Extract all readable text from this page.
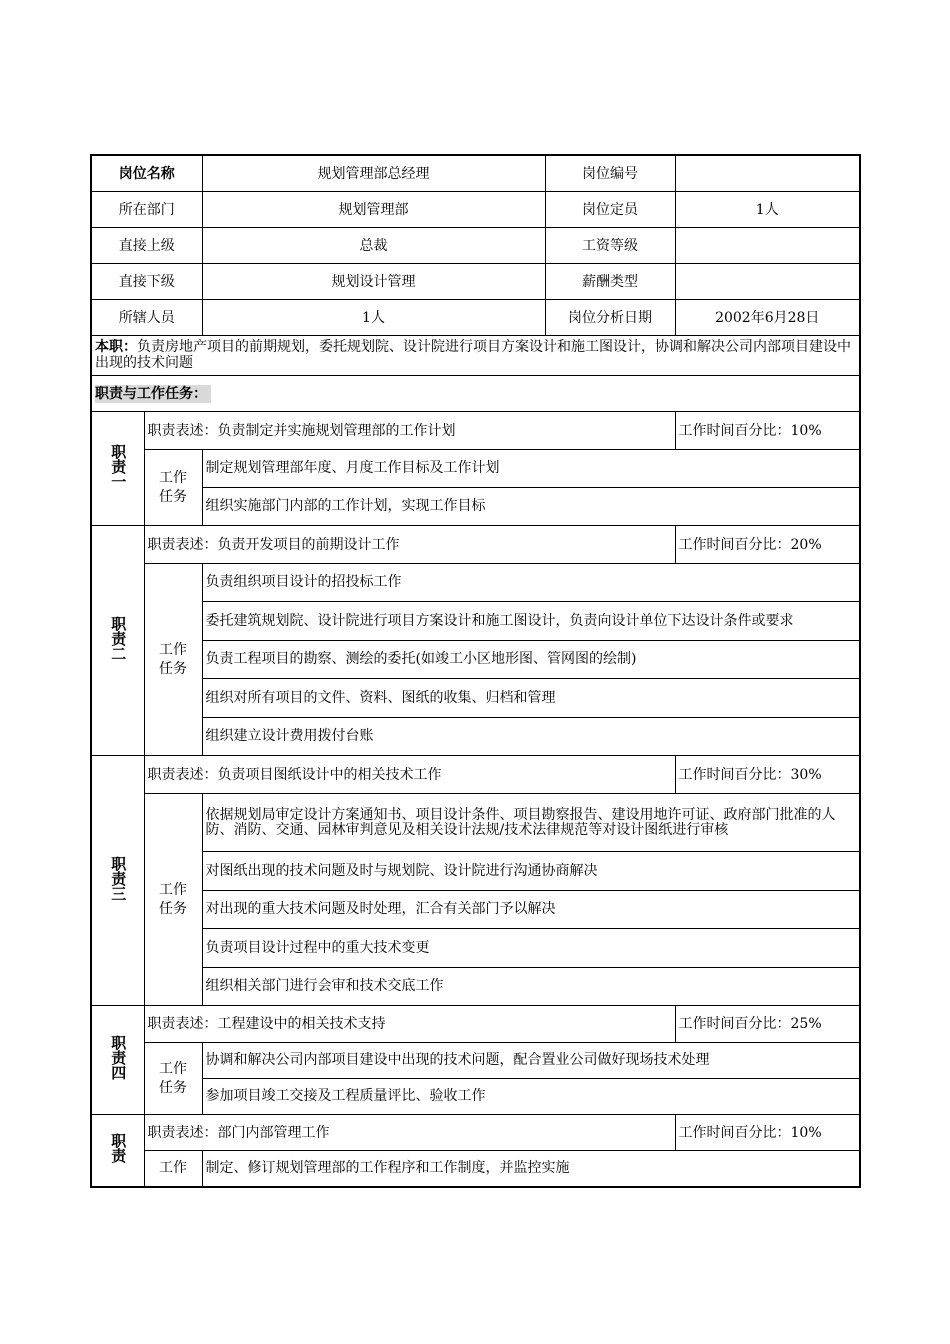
岗位名称		规划管理部总经理	岗位编号	
所在部门		规划管理部	岗位定员	1人
直接上级		总裁	工资等级	
直接下级		规划设计管理	薪酬类型	
所辖人员		1人	岗位分析日期	2002年6月28日
本职：负责房地产项目的前期规划，委托规划院、设计院进行项目方案设计和施工图设计，协调和解决公司内部项目建设中出现的技术问题				
职责与工作任务：				
职责一	职责表述：负责制定并实施规划管理部的工作计划			工作时间百分比：10%
	工作任务	制定规划管理部年度、月度工作目标及工作计划		
		组织实施部门内部的工作计划，实现工作目标		
职责二	职责表述：负责开发项目的前期设计工作			工作时间百分比：20%
	工作任务	负责组织项目设计的招投标工作		
		委托建筑规划院、设计院进行项目方案设计和施工图设计，负责向设计单位下达设计条件或要求		
		负责工程项目的勘察、测绘的委托(如竣工小区地形图、管网图的绘制)		
		组织对所有项目的文件、资料、图纸的收集、归档和管理		
		组织建立设计费用拨付台账		
职责三	职责表述：负责项目图纸设计中的相关技术工作			工作时间百分比：30%
	工作任务	依据规划局审定设计方案通知书、项目设计条件、项目勘察报告、建设用地许可证、政府部门批准的人防、消防、交通、园林审判意见及相关设计法规/技术法律规范等对设计图纸进行审核		
		对图纸出现的技术问题及时与规划院、设计院进行沟通协商解决		
		对出现的重大技术问题及时处理，汇合有关部门予以解决		
		负责项目设计过程中的重大技术变更		
		组织相关部门进行会审和技术交底工作		
职责四	职责表述：工程建设中的相关技术支持			工作时间百分比：25%
	工作任务	协调和解决公司内部项目建设中出现的技术问题，配合置业公司做好现场技术处理		
		参加项目竣工交接及工程质量评比、验收工作		
职责	职责表述：部门内部管理工作			工作时间百分比：10%
	工作	制定、修订规划管理部的工作程序和工作制度，并监控实施		
